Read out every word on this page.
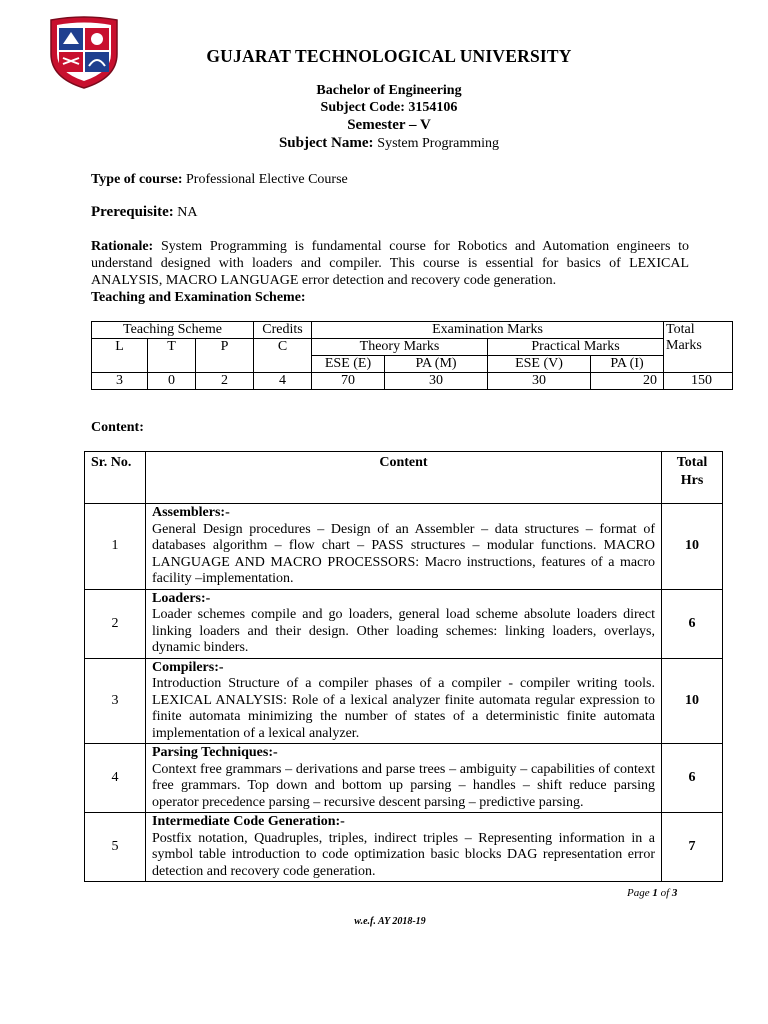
GUJARAT TECHNOLOGICAL UNIVERSITY
Bachelor of Engineering
Subject Code: 3154106
Semester – V
Subject Name: System Programming
Type of course: Professional Elective Course
Prerequisite: NA
Rationale: System Programming is fundamental course for Robotics and Automation engineers to understand designed with loaders and compiler. This course is essential for basics of LEXICAL ANALYSIS, MACRO LANGUAGE error detection and recovery code generation.
Teaching and Examination Scheme:
Teaching Scheme			Credits	Examination Marks				Total
Marks
L	T	P	C	Theory Marks		Practical Marks		
				ESE (E)	PA (M)	ESE (V)	PA (I)	
3	0	2	4	70	30	30	20	150
Content:
Sr. No.	Content	Total
Hrs
1	Assemblers:-
General Design procedures – Design of an Assembler – data structures – format of databases algorithm – flow chart – PASS structures – modular functions. MACRO LANGUAGE AND MACRO PROCESSORS: Macro instructions, features of a macro facility –implementation.	10
2	Loaders:-
Loader schemes compile and go loaders, general load scheme absolute loaders direct linking loaders and their design. Other loading schemes: linking loaders, overlays, dynamic binders.	6
3	Compilers:-
Introduction Structure of a compiler phases of a compiler - compiler writing tools. LEXICAL ANALYSIS: Role of a lexical analyzer finite automata regular expression to finite automata minimizing the number of states of a deterministic finite automata implementation of a lexical analyzer.	10
4	Parsing Techniques:-
Context free grammars – derivations and parse trees – ambiguity – capabilities of context free grammars. Top down and bottom up parsing – handles – shift reduce parsing operator precedence parsing – recursive descent parsing – predictive parsing.	6
5	Intermediate Code Generation:-
Postfix notation, Quadruples, triples, indirect triples – Representing information in a symbol table introduction to code optimization basic blocks DAG representation error detection and recovery code generation.	7
Page 1 of 3
w.e.f. AY 2018-19
